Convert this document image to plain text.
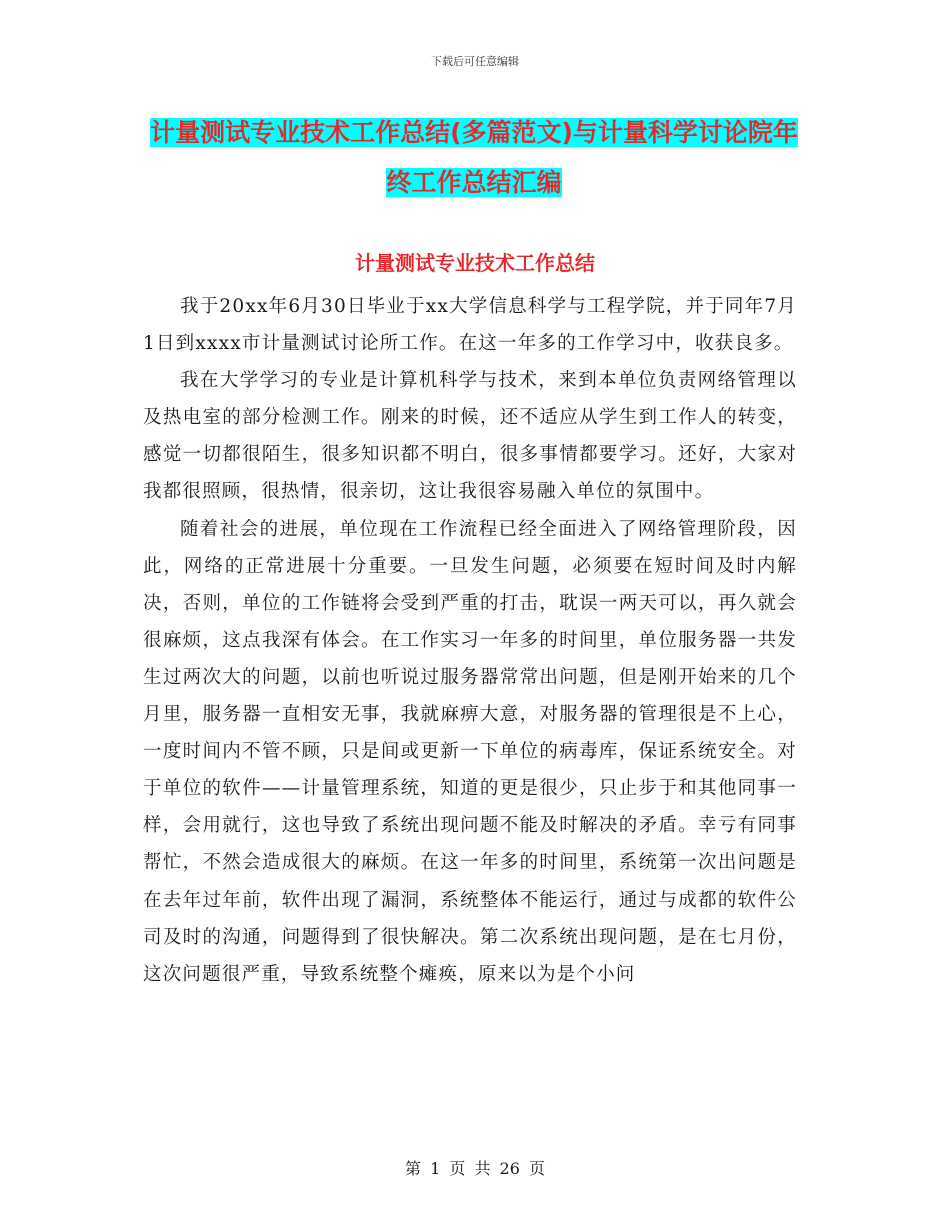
下载后可任意编辑
计量测试专业技术工作总结(多篇范文)与计量科学讨论院年终工作总结汇编
计量测试专业技术工作总结

我于20xx年6月30日毕业于xx大学信息科学与工程学院，并于同年7月1日到xxxx市计量测试讨论所工作。在这一年多的工作学习中，收获良多。

我在大学学习的专业是计算机科学与技术，来到本单位负责网络管理以及热电室的部分检测工作。刚来的时候，还不适应从学生到工作人的转变，感觉一切都很陌生，很多知识都不明白，很多事情都要学习。还好，大家对我都很照顾，很热情，很亲切，这让我很容易融入单位的氛围中。

随着社会的进展，单位现在工作流程已经全面进入了网络管理阶段，因此，网络的正常进展十分重要。一旦发生问题，必须要在短时间及时内解决，否则，单位的工作链将会受到严重的打击，耽误一两天可以，再久就会很麻烦，这点我深有体会。在工作实习一年多的时间里，单位服务器一共发生过两次大的问题，以前也听说过服务器常常出问题，但是刚开始来的几个月里，服务器一直相安无事，我就麻痹大意，对服务器的管理很是不上心，一度时间内不管不顾，只是间或更新一下单位的病毒库，保证系统安全。对于单位的软件——计量管理系统，知道的更是很少，只止步于和其他同事一样，会用就行，这也导致了系统出现问题不能及时解决的矛盾。幸亏有同事帮忙，不然会造成很大的麻烦。在这一年多的时间里，系统第一次出问题是在去年过年前，软件出现了漏洞，系统整体不能运行，通过与成都的软件公司及时的沟通，问题得到了很快解决。第二次系统出现问题，是在七月份，这次问题很严重，导致系统整个瘫痪，原来以为是个小问

第 1 页 共 26 页
